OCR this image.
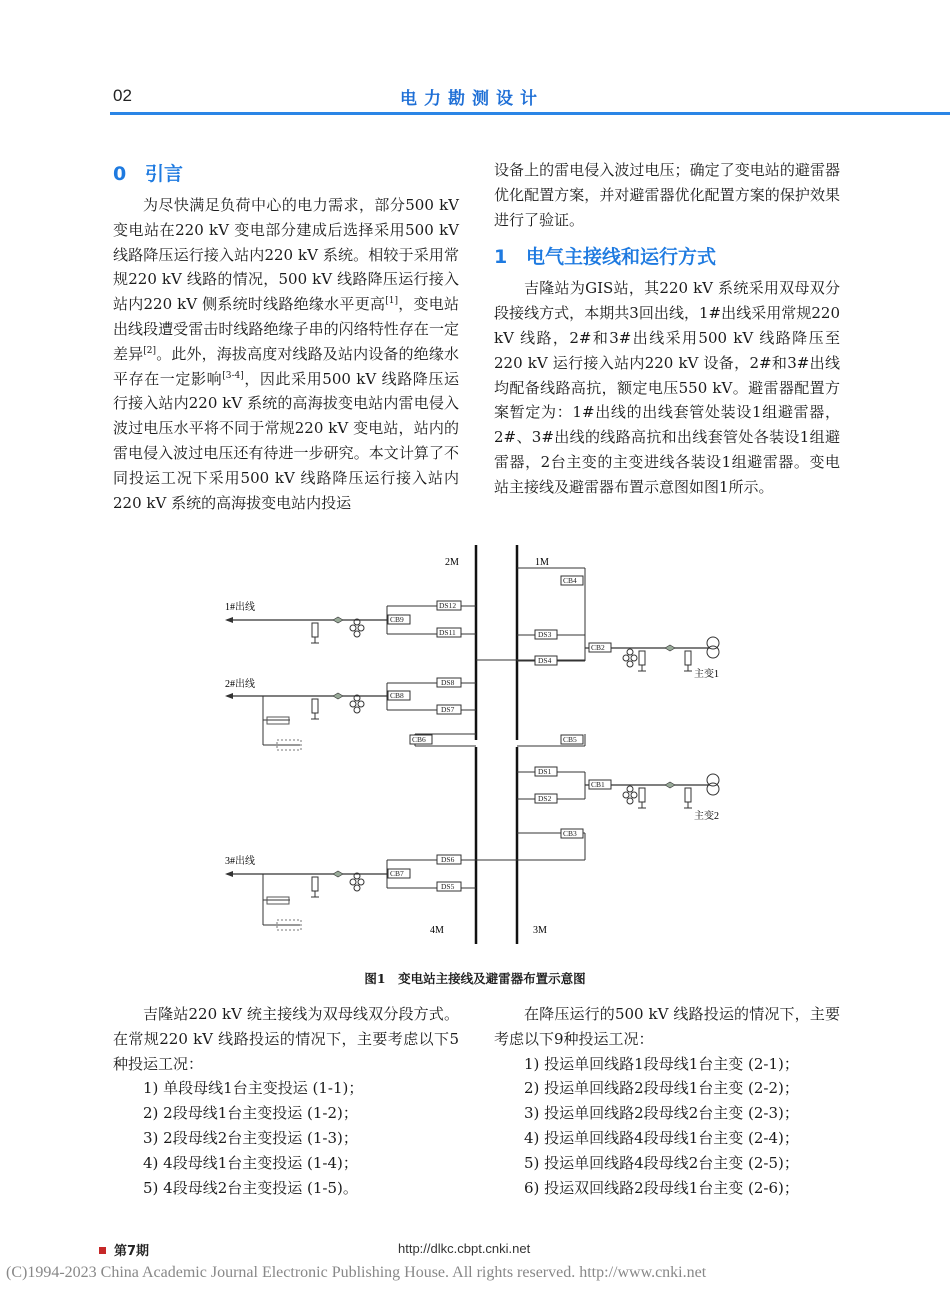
02	电力勘测设计
0 引言

为尽快满足负荷中心的电力需求，部分500 kV 变电站在220 kV 变电部分建成后选择采用500 kV 线路降压运行接入站内220 kV 系统。相较于采用常规220 kV 线路的情况，500 kV 线路降压运行接入站内220 kV 侧系统时线路绝缘水平更高[1]，变电站出线段遭受雷击时线路绝缘子串的闪络特性存在一定差异[2]。此外，海拔高度对线路及站内设备的绝缘水平存在一定影响[3-4]，因此采用500 kV 线路降压运行接入站内220 kV 系统的高海拔变电站内雷电侵入波过电压水平将不同于常规220 kV 变电站，站内的雷电侵入波过电压还有待进一步研究。本文计算了不同投运工况下采用500 kV 线路降压运行接入站内220 kV 系统的高海拔变电站内投运

设备上的雷电侵入波过电压；确定了变电站的避雷器优化配置方案，并对避雷器优化配置方案的保护效果进行了验证。

1 电气主接线和运行方式

吉隆站为GIS站，其220 kV 系统采用双母双分段接线方式，本期共3回出线，1#出线采用常规220 kV 线路，2#和3#出线采用500 kV 线路降压至220 kV 运行接入站内220 kV 设备，2#和3#出线均配备线路高抗，额定电压550 kV。避雷器配置方案暂定为：1#出线的出线套管处装设1组避雷器，2#、3#出线的线路高抗和出线套管处各装设1组避雷器，2台主变的主变进线各装设1组避雷器。变电站主接线及避雷器布置示意图如图1所示。

2M	1M
4M	3M
1#出线
2#出线
3#出线
主变1
主变2
CB9
CB8
CB7
CB6	CB5
CB4
CB3
CB2
CB1
DS12
DS11
DS8
DS7
DS6
DS5
DS3
DS4
DS1
DS2
图1　变电站主接线及避雷器布置示意图

吉隆站220 kV 统主接线为双母线双分段方式。在常规220 kV 线路投运的情况下，主要考虑以下5种投运工况：

1) 单段母线1台主变投运 (1-1)；

2) 2段母线1台主变投运 (1-2)；

3) 2段母线2台主变投运 (1-3)；

4) 4段母线1台主变投运 (1-4)；

5) 4段母线2台主变投运 (1-5)。

在降压运行的500 kV 线路投运的情况下，主要考虑以下9种投运工况：

1) 投运单回线路1段母线1台主变 (2-1)；

2) 投运单回线路2段母线1台主变 (2-2)；

3) 投运单回线路2段母线2台主变 (2-3)；

4) 投运单回线路4段母线1台主变 (2-4)；

5) 投运单回线路4段母线2台主变 (2-5)；

6) 投运双回线路2段母线1台主变 (2-6)；

第7期	http://dlkc.cbpt.cnki.net
(C)1994-2023 China Academic Journal Electronic Publishing House. All rights reserved. http://www.cnki.net
